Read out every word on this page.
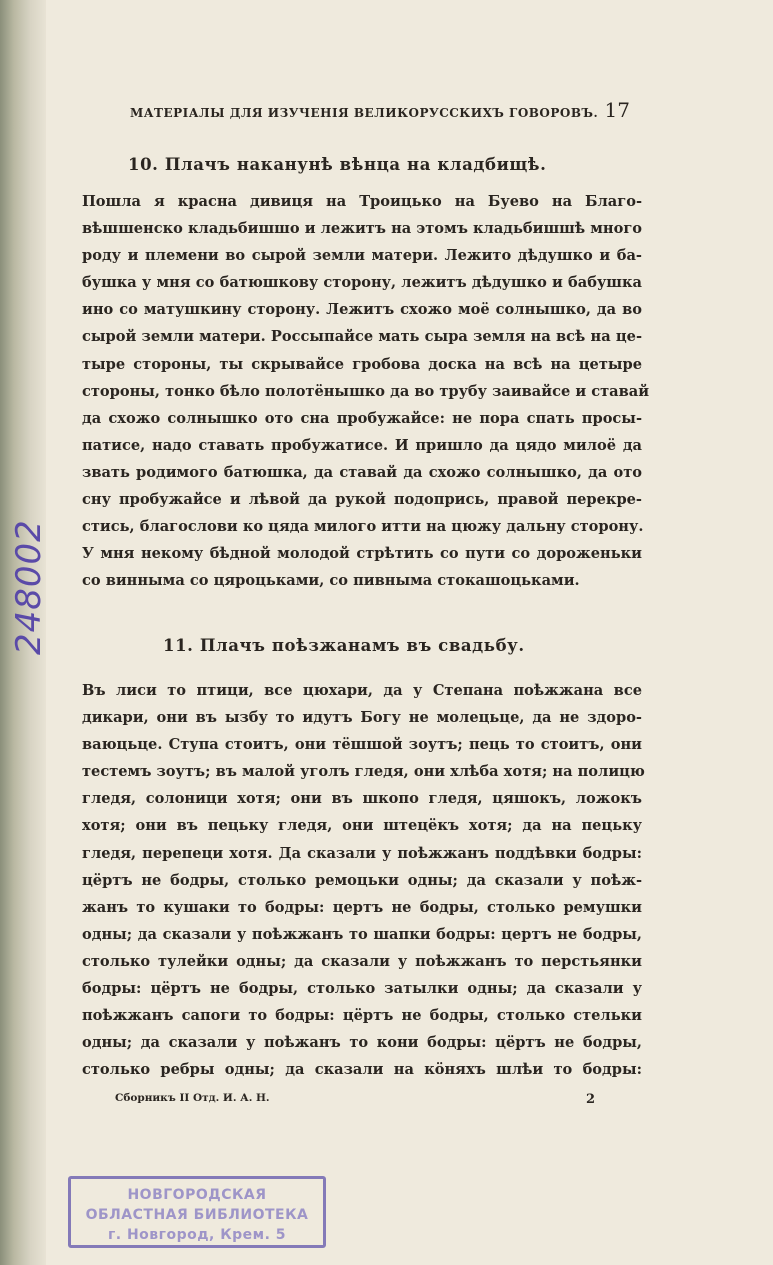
248002
МАТЕРІАЛЫ ДЛЯ ИЗУЧЕНІЯ ВЕЛИКОРУССКИХЪ ГОВОРОВЪ. 17
10. Плачъ наканунѣ вѣнца на кладбищѣ.
Пошла я красна дивиця на Троицько на Буево на Благо-
вѣшшенско кладьбишшо и лежитъ на этомъ кладьбишшѣ много
роду и племени во сырой земли матери. Лежито дѣдушко и ба-
бушка у мня со батюшкову сторону, лежитъ дѣдушко и бабушка
ино со матушкину сторону. Лежитъ схожо моё солнышко, да во
сырой земли матери. Россыпайсе мать сыра земля на всѣ на це-
тыре стороны, ты скрывайсе гробова доска на всѣ на цетыре
стороны, тонко бѣло полотёнышко да во трубу заивайсе и ставай
да схожо солнышко ото сна пробужайсе: не пора спать просы-
патисе, надо ставать пробужатисе. И пришло да цядо милоё да
звать родимого батюшка, да ставай да схожо солнышко, да ото
сну пробужайсе и лѣвой да рукой подопрись, правой перекре-
стись, благослови ко цяда милого итти на цюжу дальну сторону.
У мня некому бѣдной молодой стрѣтить со пути со дороженьки
со винныма со цяроцьками, со пивныма стокашоцьками.
11. Плачъ поѣзжанамъ въ свадьбу.
Въ лиси то птици, все цюхари, да у Степана поѣжжана все
дикари, они въ ызбу то идутъ Богу не молецьце, да не здоро-
ваюцьце. Ступа стоитъ, они тёшшой зоутъ; пець то стоитъ, они
тестемъ зоутъ; въ малой уголъ гледя, они хлѣба хотя; на полицю
гледя, солоници хотя; они въ шкопо гледя, цяшокъ, ложокъ
хотя; они въ пецьку гледя, они штецёкъ хотя; да на пецьку
гледя, перепеци хотя. Да сказали у поѣжжанъ поддѣвки бодры:
цёртъ не бодры, столько ремоцьки одны; да сказали у поѣж-
жанъ то кушаки то бодры: цертъ не бодры, столько ремушки
одны; да сказали у поѣжжанъ то шапки бодры: цертъ не бодры,
столько тулейки одны; да сказали у поѣжжанъ то перстьянки
бодры: цёртъ не бодры, столько затылки одны; да сказали у
поѣжжанъ сапоги то бодры: цёртъ не бодры, столько стельки
одны; да сказали у поѣжанъ то кони бодры: цёртъ не бодры,
столько ребры одны; да сказали на кöняхъ шлѣи то бодры:
Сборникъ II Отд. И. А. Н.	2
НОВГОРОДСКАЯ
ОБЛАСТНАЯ БИБЛИОТЕКА
г. Новгород, Крем. 5
